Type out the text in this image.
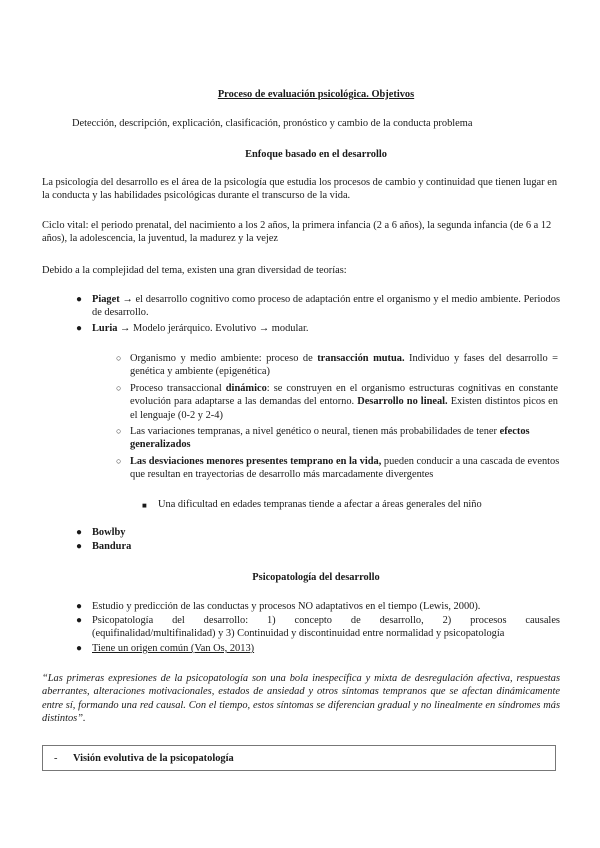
Proceso de evaluación psicológica. Objetivos
Detección, descripción, explicación, clasificación, pronóstico y cambio de la conducta problema
Enfoque basado en el desarrollo
La psicología del desarrollo es el área de la psicología que estudia los procesos de cambio y continuidad que tienen lugar en la conducta y las habilidades psicológicas durante el transcurso de la vida.
Ciclo vital: el periodo prenatal, del nacimiento a los 2 años, la primera infancia (2 a 6 años), la segunda infancia (de 6 a 12 años), la adolescencia, la juventud, la madurez y la vejez
Debido a la complejidad del tema, existen una gran diversidad de teorías:
● Piaget → el desarrollo cognitivo como proceso de adaptación entre el organismo y el medio ambiente. Periodos de desarrollo.
● Luria → Modelo jerárquico. Evolutivo → modular.
○ Organismo y medio ambiente: proceso de transacción mutua. Individuo y fases del desarrollo = genética y ambiente (epigenética)
○ Proceso transaccional dinámico: se construyen en el organismo estructuras cognitivas en constante evolución para adaptarse a las demandas del entorno. Desarrollo no lineal. Existen distintos picos en el lenguaje (0-2 y 2-4)
○ Las variaciones tempranas, a nivel genético o neural, tienen más probabilidades de tener efectos generalizados
○ Las desviaciones menores presentes temprano en la vida, pueden conducir a una cascada de eventos que resultan en trayectorias de desarrollo más marcadamente divergentes
■ Una dificultad en edades tempranas tiende a afectar a áreas generales del niño
● Bowlby
● Bandura
Psicopatología del desarrollo
● Estudio y predicción de las conductas y procesos NO adaptativos en el tiempo (Lewis, 2000).
● Psicopatología del desarrollo: 1) concepto de desarrollo, 2) procesos causales
(equifinalidad/multifinalidad) y 3) Continuidad y discontinuidad entre normalidad y psicopatología
● Tiene un origen común (Van Os, 2013)
“Las primeras expresiones de la psicopatología son una bola inespecífica y mixta de desregulación afectiva, respuestas aberrantes, alteraciones motivacionales, estados de ansiedad y otros síntomas tempranos que se afectan dinámicamente entre sí, formando una red causal. Con el tiempo, estos síntomas se diferencian gradual y no linealmente en síndromes más distintos”.
- Visión evolutiva de la psicopatología
